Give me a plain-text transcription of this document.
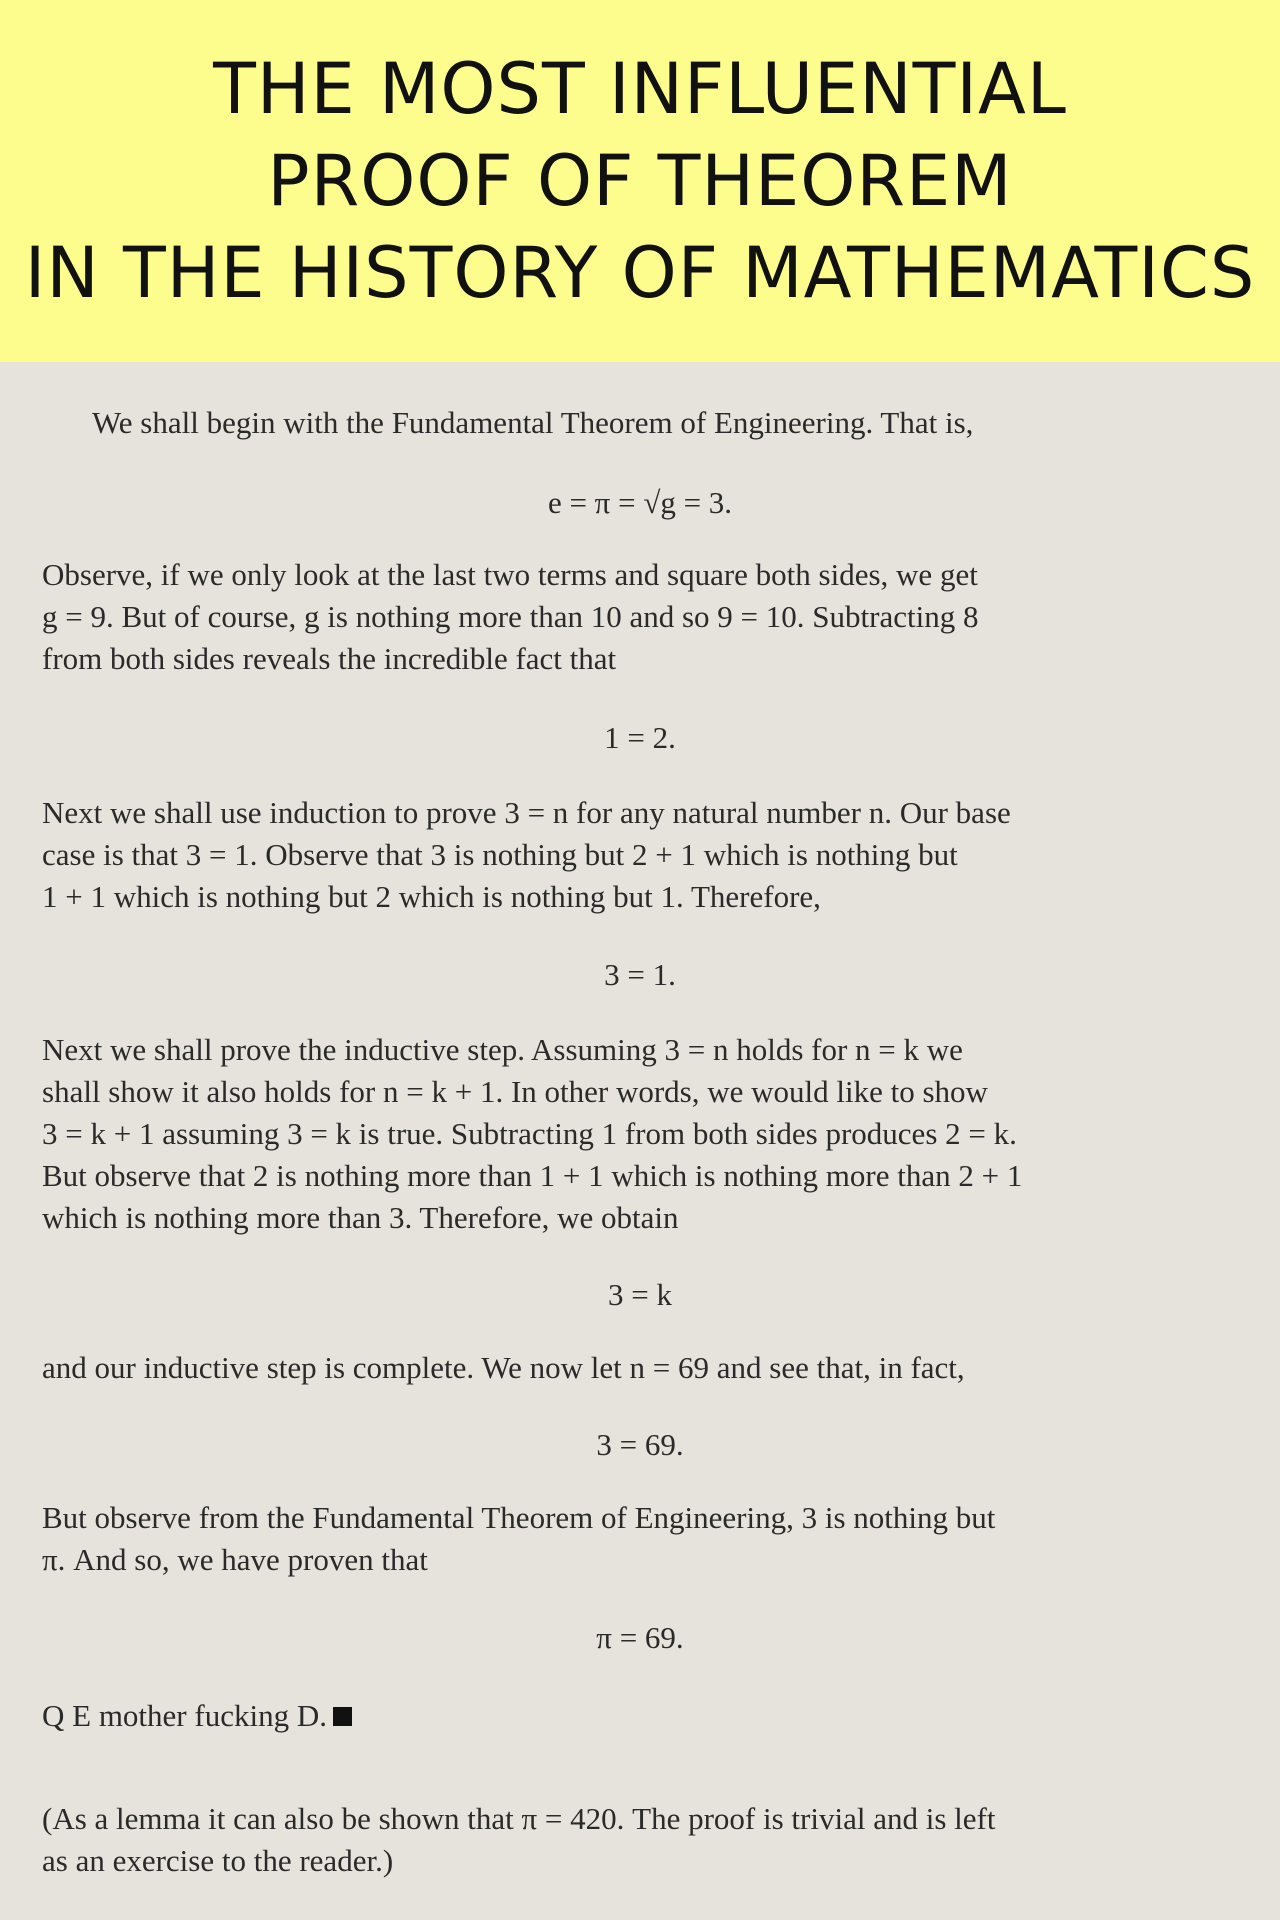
THE MOST INFLUENTIAL
PROOF OF THEOREM
IN THE HISTORY OF MATHEMATICS
We shall begin with the Fundamental Theorem of Engineering. That is,
e = π = √g = 3.
Observe, if we only look at the last two terms and square both sides, we get
g = 9. But of course, g is nothing more than 10 and so 9 = 10. Subtracting 8
from both sides reveals the incredible fact that
1 = 2.
Next we shall use induction to prove 3 = n for any natural number n. Our base
case is that 3 = 1. Observe that 3 is nothing but 2 + 1 which is nothing but
1 + 1 which is nothing but 2 which is nothing but 1. Therefore,
3 = 1.
Next we shall prove the inductive step. Assuming 3 = n holds for n = k we
shall show it also holds for n = k + 1. In other words, we would like to show
3 = k + 1 assuming 3 = k is true. Subtracting 1 from both sides produces 2 = k.
But observe that 2 is nothing more than 1 + 1 which is nothing more than 2 + 1
which is nothing more than 3. Therefore, we obtain
3 = k
and our inductive step is complete. We now let n = 69 and see that, in fact,
3 = 69.
But observe from the Fundamental Theorem of Engineering, 3 is nothing but
π. And so, we have proven that
π = 69.
Q E mother fucking D.
(As a lemma it can also be shown that π = 420. The proof is trivial and is left
as an exercise to the reader.)
